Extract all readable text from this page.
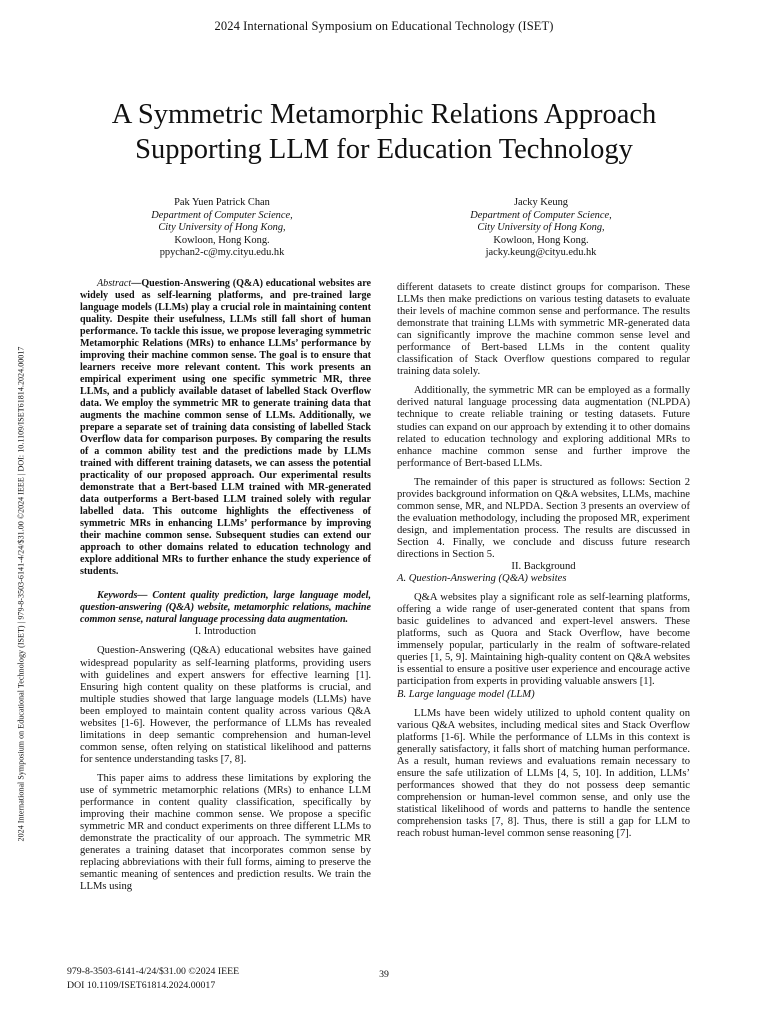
2024 International Symposium on Educational Technology (ISET)
2024 International Symposium on Educational Technology (ISET) | 979-8-3503-6141-4/24/$31.00 ©2024 IEEE | DOI: 10.1109/ISET61814.2024.00017
A Symmetric Metamorphic Relations Approach
Supporting LLM for Education Technology
Pak Yuen Patrick Chan
Department of Computer Science,
City University of Hong Kong,
Kowloon, Hong Kong.
ppychan2-c@my.cityu.edu.hk
Jacky Keung
Department of Computer Science,
City University of Hong Kong,
Kowloon, Hong Kong.
jacky.keung@cityu.edu.hk

Abstract—Question-Answering (Q&A) educational websites are widely used as self-learning platforms, and pre-trained large language models (LLMs) play a crucial role in maintaining content quality. Despite their usefulness, LLMs still fall short of human performance. To tackle this issue, we propose leveraging symmetric Metamorphic Relations (MRs) to enhance LLMs’ performance by improving their machine common sense. The goal is to ensure that learners receive more relevant content. This work presents an empirical experiment using one specific symmetric MR, three LLMs, and a publicly available dataset of labelled Stack Overflow data. We employ the symmetric MR to generate training data that augments the machine common sense of LLMs. Additionally, we prepare a separate set of training data consisting of labelled Stack Overflow data for comparison purposes. By comparing the results of a common ability test and the predictions made by LLMs trained with different training datasets, we can assess the potential practicality of our proposed approach. Our experimental results demonstrate that a Bert-based LLM trained with MR-generated data outperforms a Bert-based LLM trained solely with regular labelled data. This outcome highlights the effectiveness of symmetric MRs in enhancing LLMs’ performance by improving their machine common sense. Subsequent studies can extend our approach to other domains related to education technology and explore additional MRs to further enhance the study experience of students.

Keywords— Content quality prediction, large language model, question-answering (Q&A) website, metamorphic relations, machine common sense, natural language processing data augmentation.

I. Introduction

Question-Answering (Q&A) educational websites have gained widespread popularity as self-learning platforms, providing users with guidelines and expert answers for effective learning [1]. Ensuring high content quality on these platforms is crucial, and multiple studies showed that large language models (LLMs) have been employed to maintain content quality across various Q&A websites [1-6]. However, the performance of LLMs has revealed limitations in deep semantic comprehension and human-level common sense, often relying on statistical likelihood and patterns for sentence understanding tasks [7, 8].

This paper aims to address these limitations by exploring the use of symmetric metamorphic relations (MRs) to enhance LLM performance in content quality classification, specifically by improving their machine common sense. We propose a specific symmetric MR and conduct experiments on three different LLMs to demonstrate the practicality of our approach. The symmetric MR generates a training dataset that incorporates common sense by replacing abbreviations with their full forms, aiming to preserve the semantic meaning of sentences and prediction results. We train the LLMs using

different datasets to create distinct groups for comparison. These LLMs then make predictions on various testing datasets to evaluate their levels of machine common sense and performance. The results demonstrate that training LLMs with symmetric MR-generated data can significantly improve the machine common sense level and performance of Bert-based LLMs in the content quality classification of Stack Overflow questions compared to regular training data solely.

Additionally, the symmetric MR can be employed as a formally derived natural language processing data augmentation (NLPDA) technique to create reliable training or testing datasets. Future studies can expand on our approach by extending it to other domains related to education technology and exploring additional MRs to enhance machine common sense and further improve the performance of Bert-based LLMs.

The remainder of this paper is structured as follows: Section 2 provides background information on Q&A websites, LLMs, machine common sense, MR, and NLPDA. Section 3 presents an overview of the evaluation methodology, including the proposed MR, experiment design, and implementation process. The results are discussed in Section 4. Finally, we conclude and discuss future research directions in Section 5.

II. Background

A. Question-Answering (Q&A) websites

Q&A websites play a significant role as self-learning platforms, offering a wide range of user-generated content that spans from basic guidelines to advanced and expert-level answers. These platforms, such as Quora and Stack Overflow, have become immensely popular, particularly in the realm of software-related queries [1, 5, 9]. Maintaining high-quality content on Q&A websites is essential to ensure a positive user experience and encourage active participation from experts in providing valuable answers [1].

B. Large language model (LLM)

LLMs have been widely utilized to uphold content quality on various Q&A websites, including medical sites and Stack Overflow platforms [1-6]. While the performance of LLMs in this context is generally satisfactory, it falls short of matching human performance. As a result, human reviews and evaluations remain necessary to ensure the safe utilization of LLMs [4, 5, 10]. In addition, LLMs’ performances showed that they do not possess deep semantic comprehension or human-level common sense, and only use the statistical likelihood of words and patterns to handle the sentence comprehension tasks [7, 8]. Thus, there is still a gap for LLM to reach robust human-level common sense reasoning [7].

979-8-3503-6141-4/24/$31.00 ©2024 IEEE
DOI 10.1109/ISET61814.2024.00017
39
